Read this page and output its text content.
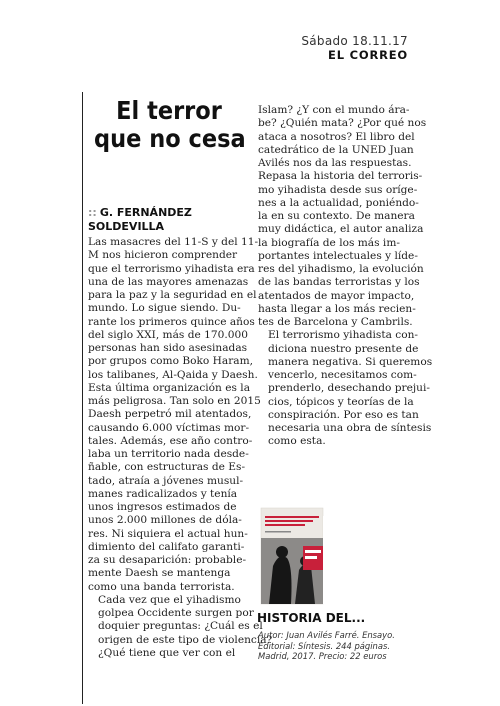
Sábado 18.11.17
EL CORREO
El terror
que no cesa
:: G. FERNÁNDEZ
SOLDEVILLA

Las masacres del 11-S y del 11-
M nos hicieron comprender
que el terrorismo yihadista era
una de las mayores amenazas
para la paz y la seguridad en el
mundo. Lo sigue siendo. Du-
rante los primeros quince años
del siglo XXI, más de 170.000
personas han sido asesinadas
por grupos como Boko Haram,
los talibanes, Al-Qaida y Daesh.
Esta última organización es la
más peligrosa. Tan solo en 2015
Daesh perpetró mil atentados,
causando 6.000 víctimas mor-
tales. Además, ese año contro-
laba un territorio nada desde-
ñable, con estructuras de Es-
tado, atraía a jóvenes musul-
manes radicalizados y tenía
unos ingresos estimados de
unos 2.000 millones de dóla-
res. Ni siquiera el actual hun-
dimiento del califato garanti-
za su desaparición: probable-
mente Daesh se mantenga
como una banda terrorista.

Cada vez que el yihadismo
golpea Occidente surgen por
doquier preguntas: ¿Cuál es el
origen de este tipo de violencia?
¿Qué tiene que ver con el

Islam? ¿Y con el mundo ára-
be? ¿Quién mata? ¿Por qué nos
ataca a nosotros? El libro del
catedrático de la UNED Juan
Avilés nos da las respuestas.
Repasa la historia del terroris-
mo yihadista desde sus oríge-
nes a la actualidad, poniéndo-
la en su contexto. De manera
muy didáctica, el autor analiza
la biografía de los más im-
portantes intelectuales y líde-
res del yihadismo, la evolución
de las bandas terroristas y los
atentados de mayor impacto,
hasta llegar a los más recien-
tes de Barcelona y Cambrils.

El terrorismo yihadista con-
diciona nuestro presente de
manera negativa. Si queremos
vencerlo, necesitamos com-
prenderlo, desechando prejui-
cios, tópicos y teorías de la
conspiración. Por eso es tan
necesaria una obra de síntesis
como esta.

HISTORIA DEL...
Autor: Juan Avilés Farré. Ensayo.
Editorial: Síntesis. 244 páginas.
Madrid, 2017. Precio: 22 euros
